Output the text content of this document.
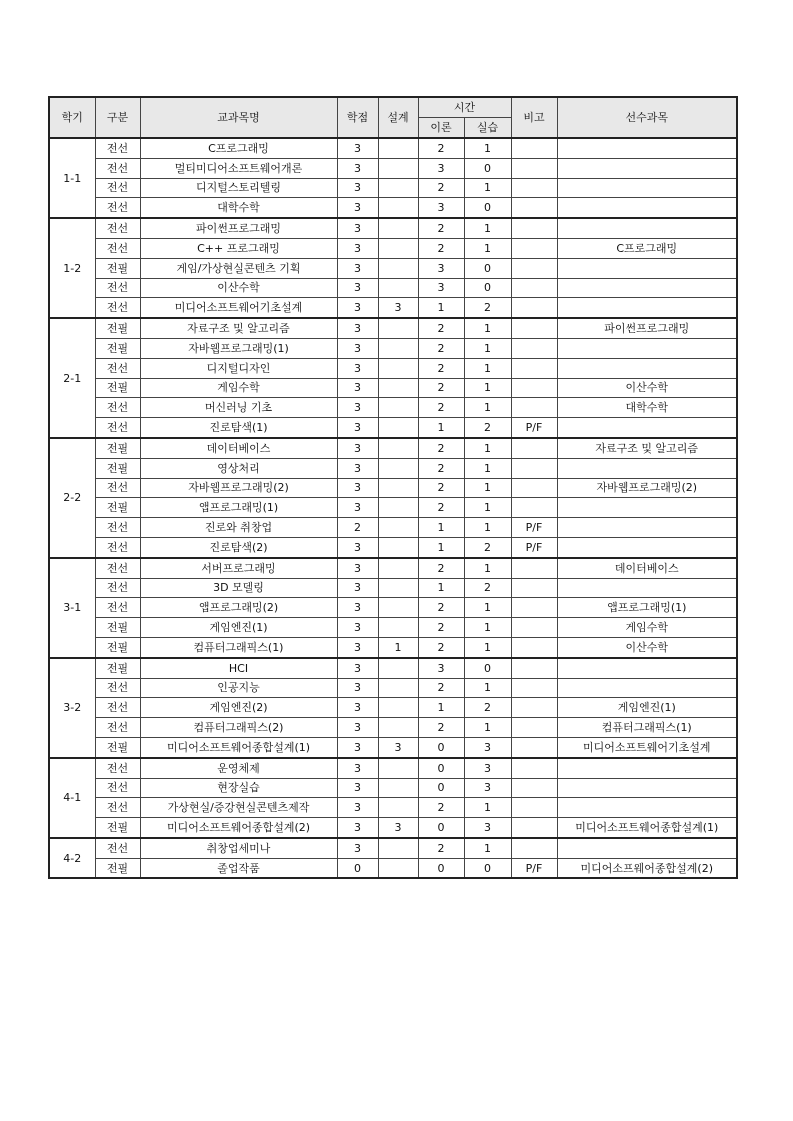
학기	구분	교과목명	학점	설계	시간		비고	선수과목
					이론	실습		
1-1	전선	C프로그래밍	3		2	1		
	전선	멀티미디어소프트웨어개론	3		3	0		
	전선	디지털스토리텔링	3		2	1		
	전선	대학수학	3		3	0		
1-2	전선	파이썬프로그래밍	3		2	1		
	전선	C++ 프로그래밍	3		2	1		C프로그래밍
	전필	게임/가상현실콘텐츠 기획	3		3	0		
	전선	이산수학	3		3	0		
	전선	미디어소프트웨어기초설계	3	3	1	2		
2-1	전필	자료구조 및 알고리즘	3		2	1		파이썬프로그래밍
	전필	자바웹프로그래밍(1)	3		2	1		
	전선	디지털디자인	3		2	1		
	전필	게임수학	3		2	1		이산수학
	전선	머신러닝 기초	3		2	1		대학수학
	전선	진로탐색(1)	3		1	2	P/F	
2-2	전필	데이터베이스	3		2	1		자료구조 및 알고리즘
	전필	영상처리	3		2	1		
	전선	자바웹프로그래밍(2)	3		2	1		자바웹프로그래밍(2)
	전필	앱프로그래밍(1)	3		2	1		
	전선	진로와 취창업	2		1	1	P/F	
	전선	진로탐색(2)	3		1	2	P/F	
3-1	전선	서버프로그래밍	3		2	1		데이터베이스
	전선	3D 모델링	3		1	2		
	전선	앱프로그래밍(2)	3		2	1		앱프로그래밍(1)
	전필	게임엔진(1)	3		2	1		게임수학
	전필	컴퓨터그래픽스(1)	3	1	2	1		이산수학
3-2	전필	HCI	3		3	0		
	전선	인공지능	3		2	1		
	전선	게임엔진(2)	3		1	2		게임엔진(1)
	전선	컴퓨터그래픽스(2)	3		2	1		컴퓨터그래픽스(1)
	전필	미디어소프트웨어종합설계(1)	3	3	0	3		미디어소프트웨어기초설계
4-1	전선	운영체제	3		0	3		
	전선	현장실습	3		0	3		
	전선	가상현실/증강현실콘텐츠제작	3		2	1		
	전필	미디어소프트웨어종합설계(2)	3	3	0	3		미디어소프트웨어종합설계(1)
4-2	전선	취창업세미나	3		2	1		
	전필	졸업작품	0		0	0	P/F	미디어소프웨어종합설계(2)
